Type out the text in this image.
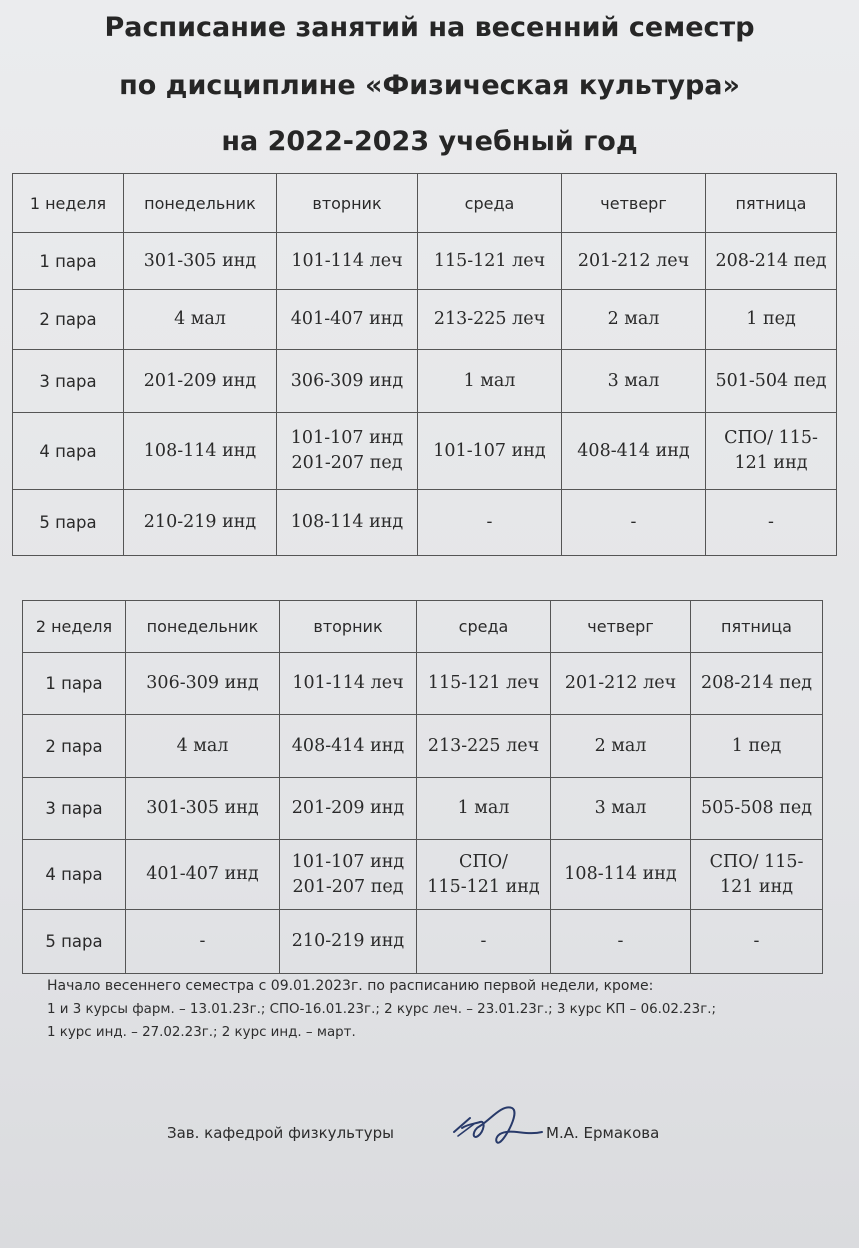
Расписание занятий на весенний семестр
по дисциплине «Физическая культура»
на 2022-2023 учебный год
1 неделя	понедельник	вторник	среда	четверг	пятница
1 пара	301-305 инд	101-114 леч	115-121 леч	201-212 леч	208-214 пед
2 пара	4 мал	401-407 инд	213-225 леч	2 мал	1 пед
3 пара	201-209 инд	306-309 инд	1 мал	3 мал	501-504 пед
4 пара	108-114 инд	101-107 инд
201-207 пед	101-107 инд	408-414 инд	СПО/ 115-121 инд
5 пара	210-219 инд	108-114 инд	-	-	-
2 неделя	понедельник	вторник	среда	четверг	пятница
1 пара	306-309 инд	101-114 леч	115-121 леч	201-212 леч	208-214 пед
2 пара	4 мал	408-414 инд	213-225 леч	2 мал	1 пед
3 пара	301-305 инд	201-209 инд	1 мал	3 мал	505-508 пед
4 пара	401-407 инд	101-107 инд
201-207 пед	СПО/
115-121 инд	108-114 инд	СПО/ 115-121 инд
5 пара	-	210-219 инд	-	-	-
Начало весеннего семестра с 09.01.2023г. по расписанию первой недели, кроме:
1 и 3 курсы фарм. – 13.01.23г.; СПО-16.01.23г.; 2 курс леч. – 23.01.23г.; 3 курс КП – 06.02.23г.;
1 курс инд. – 27.02.23г.; 2 курс инд. – март.
Зав. кафедрой физкультуры	М.А. Ермакова
